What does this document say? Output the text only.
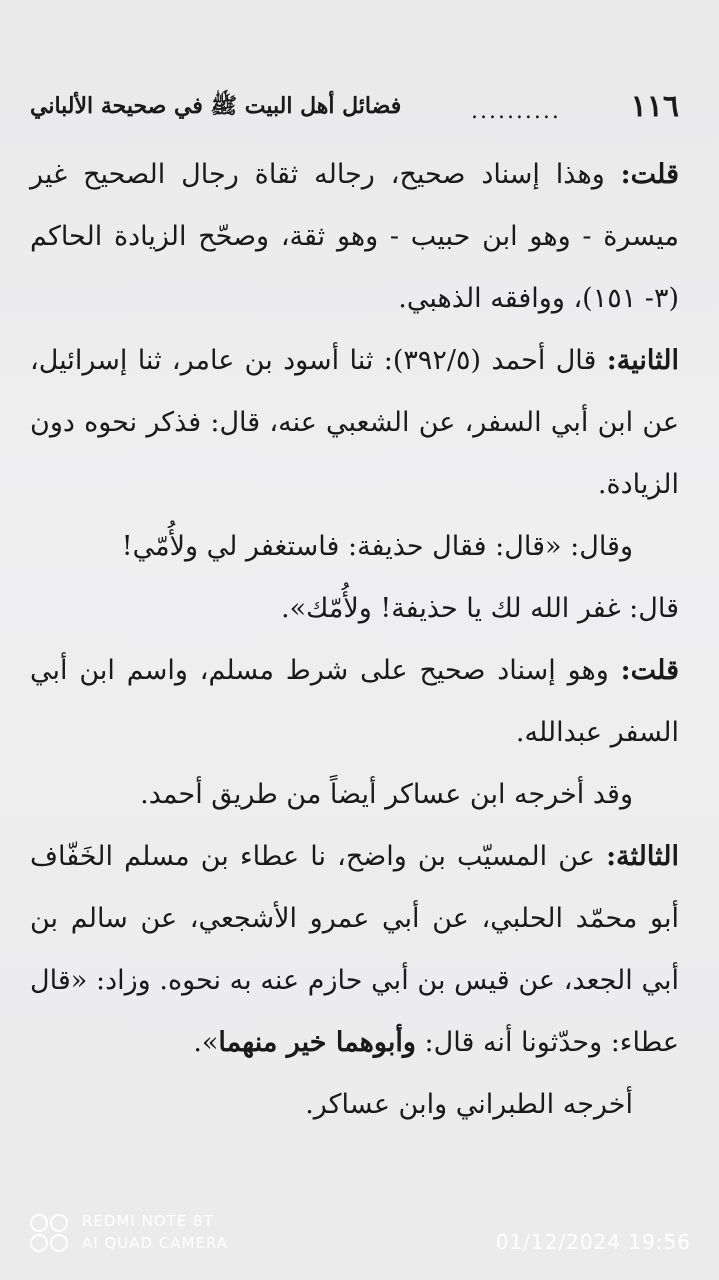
١١٦
..........
فضائل أهل البيت ﷺ في صحيحة الألباني

قلت: وهذا إسناد صحيح، رجاله ثقاة رجال الصحيح غير ميسرة - وهو ابن حبيب - وهو ثقة، وصحّح الزيادة الحاكم (٣- ١٥١)، ووافقه الذهبي.

الثانية: قال أحمد (٣٩٢/٥): ثنا أسود بن عامر، ثنا إسرائيل، عن ابن أبي السفر، عن الشعبي عنه، قال: فذكر نحوه دون الزيادة.

وقال: «قال: فقال حذيفة: فاستغفر لي ولأُمّي!

قال: غفر الله لك يا حذيفة! ولأُمّك».

قلت: وهو إسناد صحيح على شرط مسلم، واسم ابن أبي السفر عبدالله.

وقد أخرجه ابن عساكر أيضاً من طريق أحمد.

الثالثة: عن المسيّب بن واضح، نا عطاء بن مسلم الخَفّاف أبو محمّد الحلبي، عن أبي عمرو الأشجعي، عن سالم بن أبي الجعد، عن قيس بن أبي حازم عنه به نحوه. وزاد: «قال عطاء: وحدّثونا أنه قال: وأبوهما خير منهما».

أخرجه الطبراني وابن عساكر.

REDMI NOTE 8T
AI QUAD CAMERA	01/12/2024 19:56
